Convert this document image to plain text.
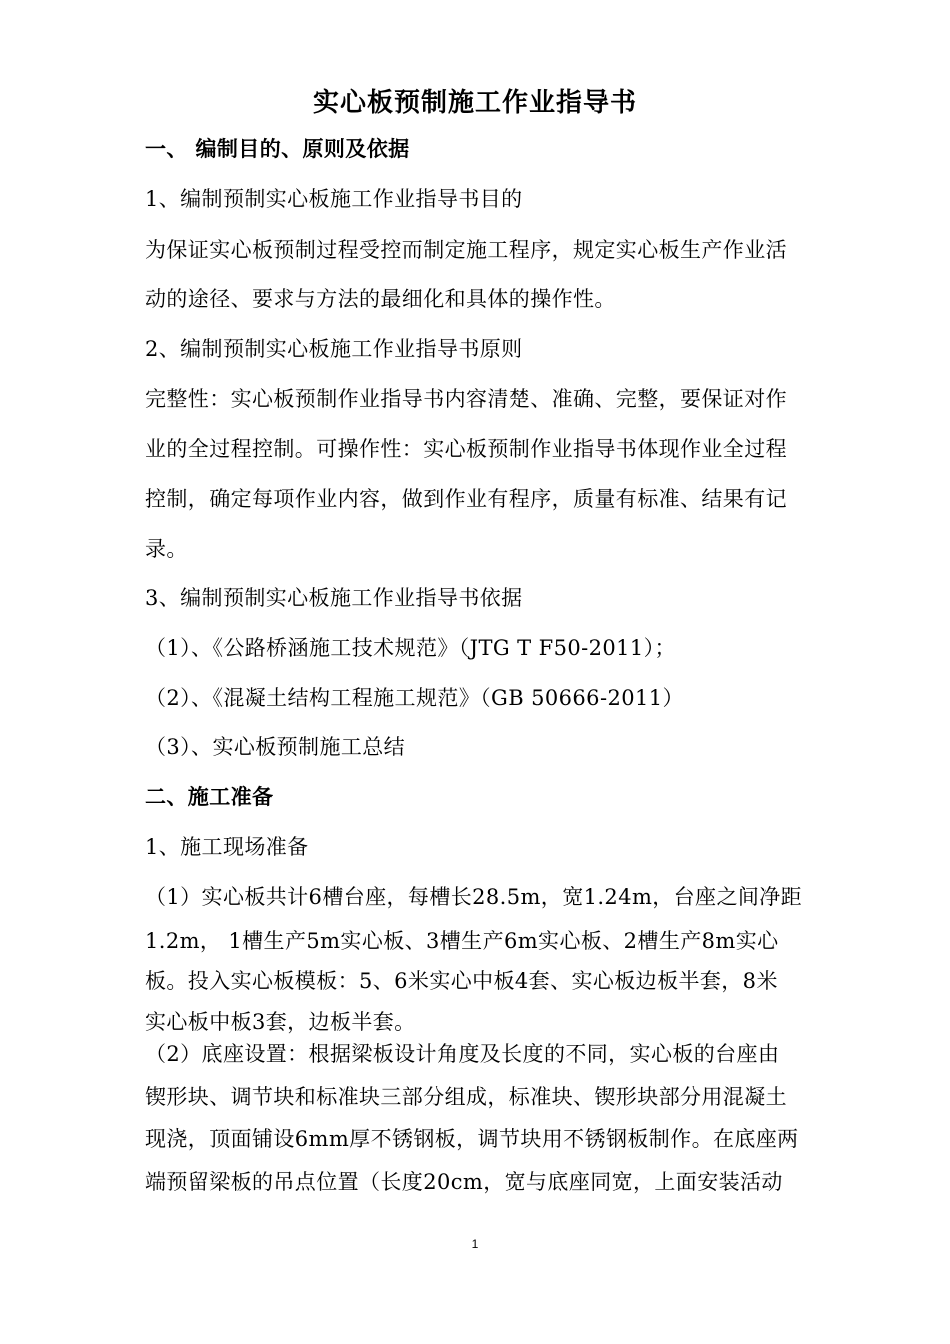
实心板预制施工作业指导书
一、 编制目的、原则及依据
1、编制预制实心板施工作业指导书目的
为保证实心板预制过程受控而制定施工程序，规定实心板生产作业活
动的途径、要求与方法的最细化和具体的操作性。
2、编制预制实心板施工作业指导书原则
完整性：实心板预制作业指导书内容清楚、准确、完整，要保证对作
业的全过程控制。可操作性：实心板预制作业指导书体现作业全过程
控制，确定每项作业内容，做到作业有程序，质量有标准、结果有记
录。
3、编制预制实心板施工作业指导书依据
（1）、《公路桥涵施工技术规范》（JTG T F50-2011）；
（2）、《混凝土结构工程施工规范》（GB 50666-2011）
（3）、实心板预制施工总结
二、施工准备
1、施工现场准备
（1）实心板共计6槽台座，每槽长28.5m，宽1.24m，台座之间净距
1.2m， 1槽生产5m实心板、3槽生产6m实心板、2槽生产8m实心
板。投入实心板模板：5、6米实心中板4套、实心板边板半套，8米
实心板中板3套，边板半套。
（2）底座设置：根据梁板设计角度及长度的不同，实心板的台座由
锲形块、调节块和标准块三部分组成，标准块、锲形块部分用混凝土
现浇，顶面铺设6mm厚不锈钢板，调节块用不锈钢板制作。在底座两
端预留梁板的吊点位置（长度20cm，宽与底座同宽，上面安装活动
1
